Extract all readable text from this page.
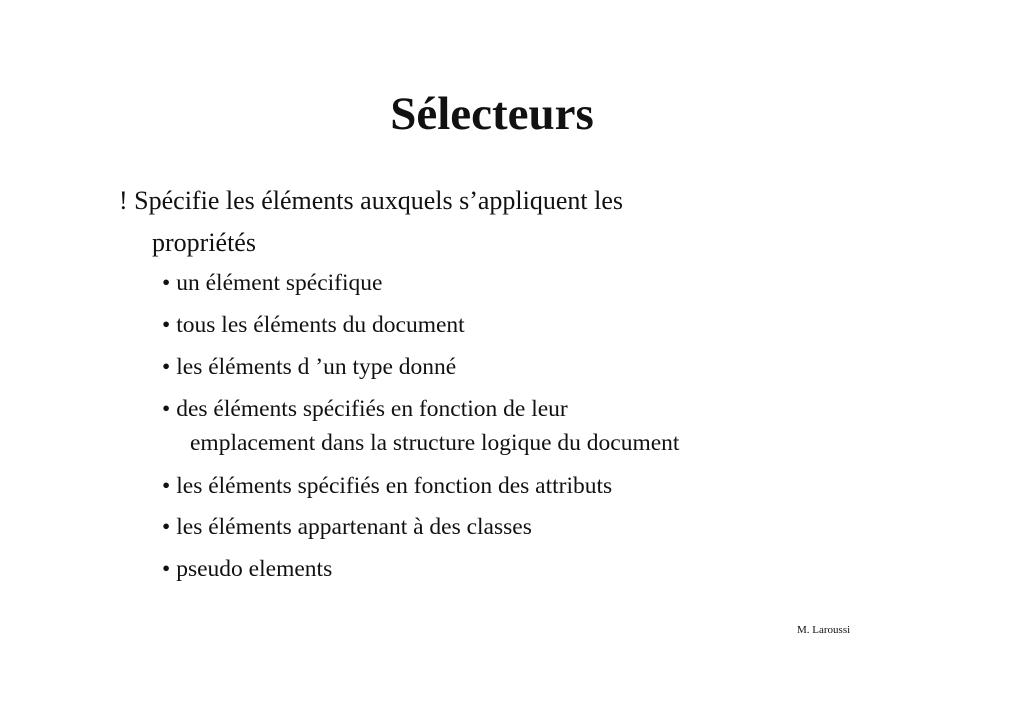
Sélecteurs
! Spécifie les éléments auxquels s’appliquent les
propriétés
• un élément spécifique
• tous les éléments du document
• les éléments d ’un type donné
• des éléments spécifiés en fonction de leur
emplacement dans la structure logique du document
• les éléments spécifiés en fonction des attributs
• les éléments appartenant à des classes
• pseudo elements
M. Laroussi
